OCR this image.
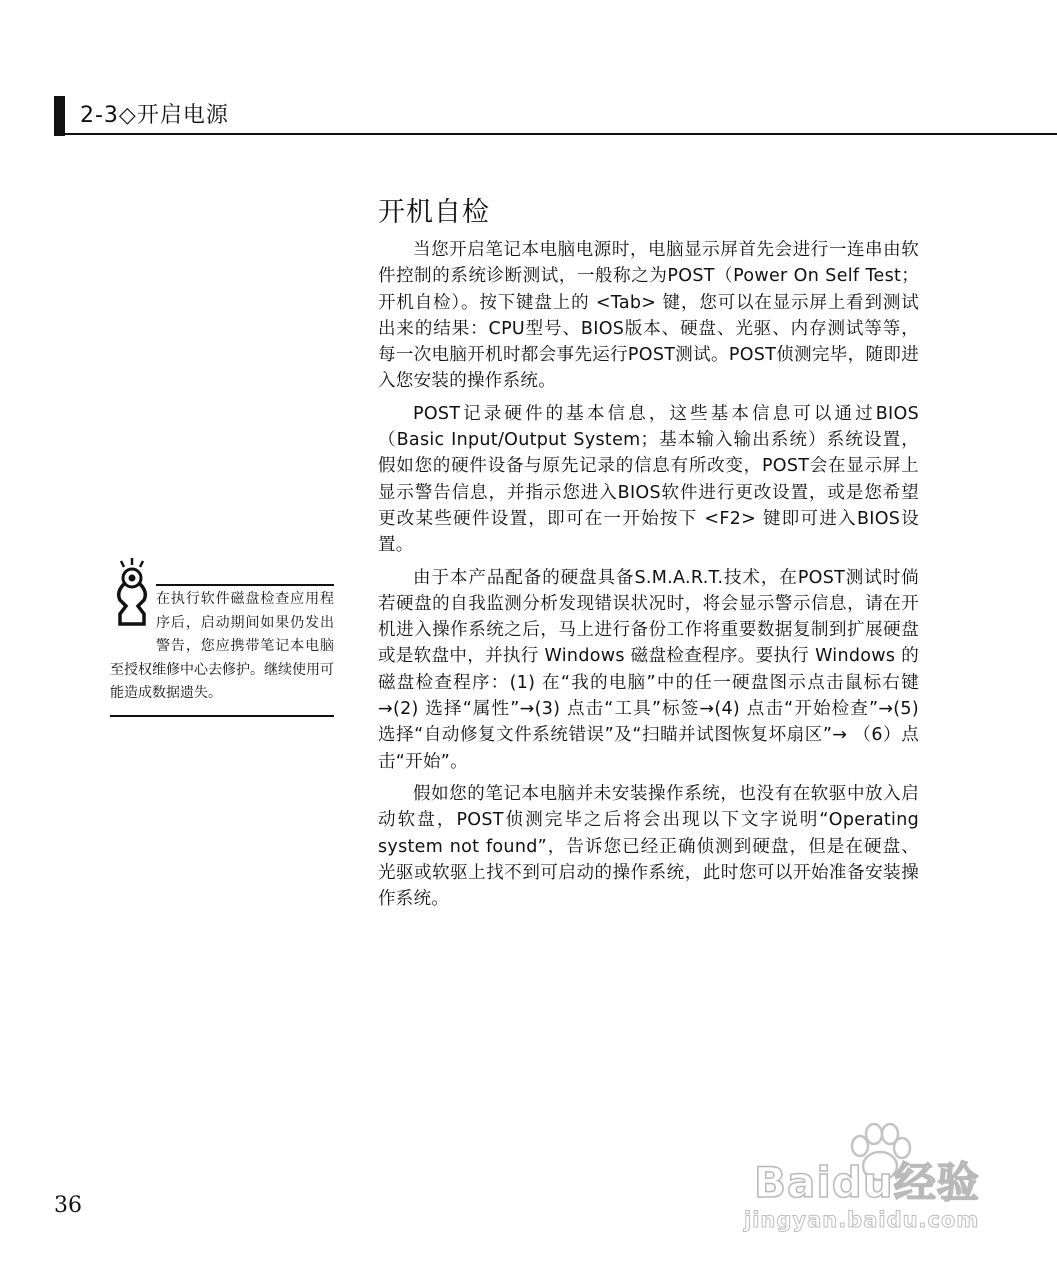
2-3◇开启电源
开机自检

当您开启笔记本电脑电源时，电脑显示屏首先会进行一连串由软件控制的系统诊断测试，一般称之为POST（Power On Self Test；开机自检）。按下键盘上的 <Tab> 键，您可以在显示屏上看到测试出来的结果：CPU型号、BIOS版本、硬盘、光驱、内存测试等等，每一次电脑开机时都会事先运行POST测试。POST侦测完毕，随即进入您安装的操作系统。

POST记录硬件的基本信息，这些基本信息可以通过BIOS（Basic Input/Output System；基本输入输出系统）系统设置，假如您的硬件设备与原先记录的信息有所改变，POST会在显示屏上显示警告信息，并指示您进入BIOS软件进行更改设置，或是您希望更改某些硬件设置，即可在一开始按下 <F2> 键即可进入BIOS设置。

由于本产品配备的硬盘具备S.M.A.R.T.技术，在POST测试时倘若硬盘的自我监测分析发现错误状况时，将会显示警示信息，请在开机进入操作系统之后，马上进行备份工作将重要数据复制到扩展硬盘或是软盘中，并执行 Windows 磁盘检查程序。要执行 Windows 的磁盘检查程序：(1) 在“我的电脑”中的任一硬盘图示点击鼠标右键→(2) 选择“属性”→(3) 点击“工具”标签→(4) 点击“开始检查”→(5) 选择“自动修复文件系统错误”及“扫瞄并试图恢复坏扇区”→ （6）点击“开始”。

假如您的笔记本电脑并未安装操作系统，也没有在软驱中放入启动软盘，POST侦测完毕之后将会出现以下文字说明“Operating system not found”，告诉您已经正确侦测到硬盘，但是在硬盘、光驱或软驱上找不到可启动的操作系统，此时您可以开始准备安装操作系统。

在执行软件磁盘检查应用程序后，启动期间如果仍发出警告，您应携带笔记本电脑至授权维修中心去修护。继续使用可能造成数据遗失。
36	Baidu经验
jingyan.baidu.com
